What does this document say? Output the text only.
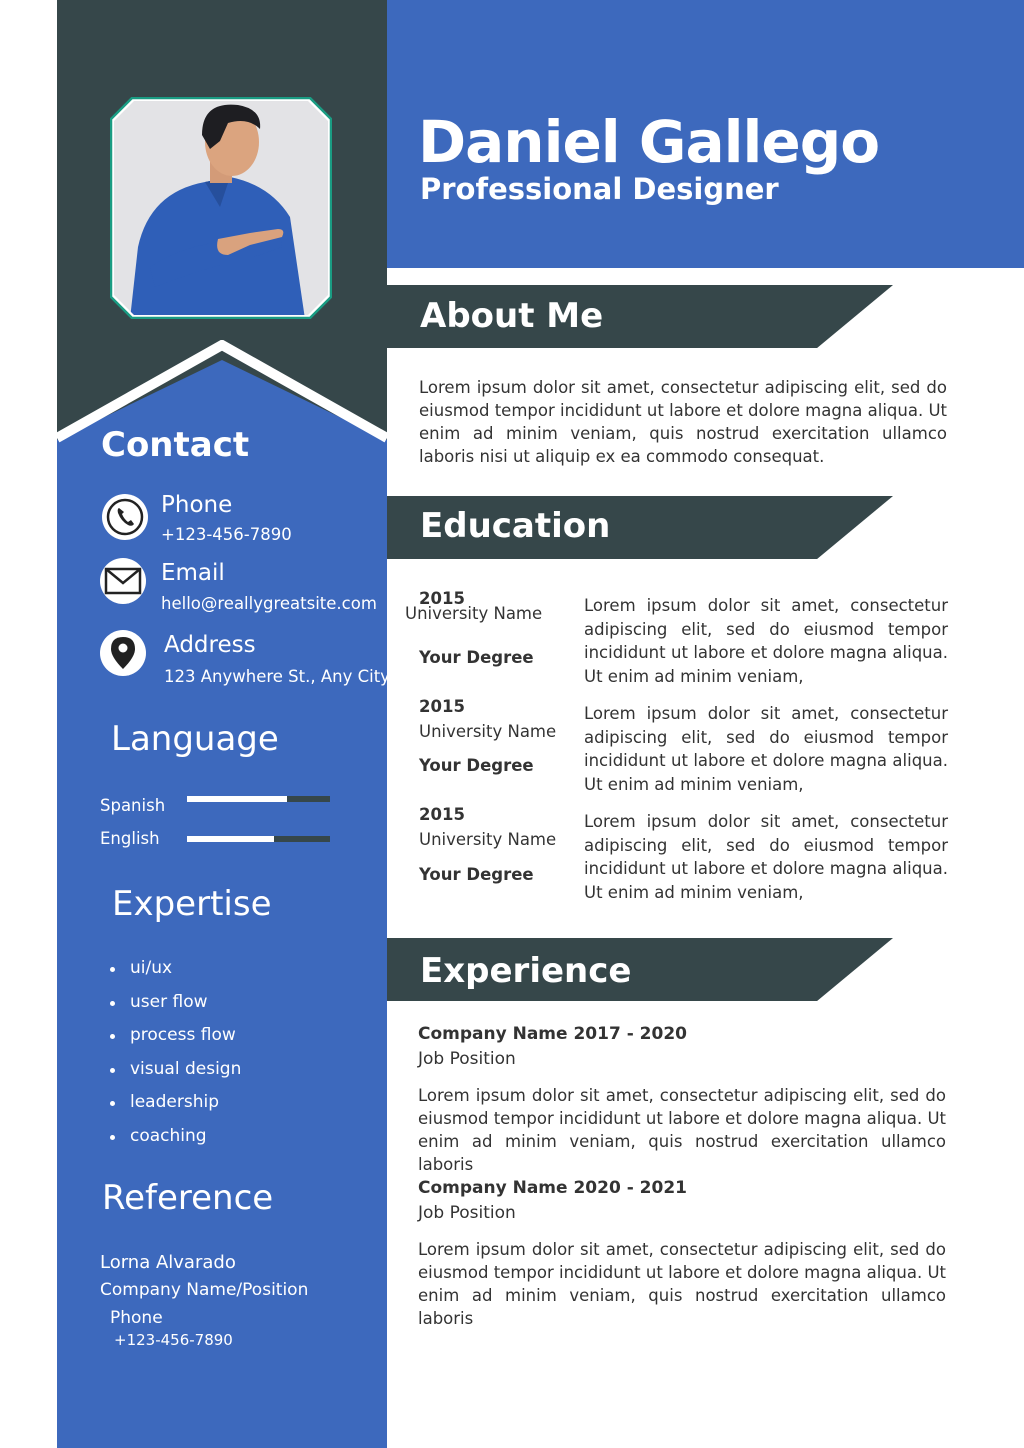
Daniel Gallego
Professional Designer
Contact
Phone
+123-456-7890
Email
hello@reallygreatsite.com
Address
123 Anywhere St., Any City
Language
Spanish
English
Expertise
ui/ux
user flow
process flow
visual design
leadership
coaching
Reference
Lorna Alvarado
Company Name/Position
Phone
+123-456-7890
About Me
Lorem ipsum dolor sit amet, consectetur adipiscing elit, sed do eiusmod tempor incididunt ut labore et dolore magna aliqua. Ut enim ad minim veniam, quis nostrud exercitation ullamco laboris nisi ut aliquip ex ea commodo consequat.
Education
2015
University Name
Your Degree
Lorem ipsum dolor sit amet, consectetur adipiscing elit, sed do eiusmod tempor incididunt ut labore et dolore magna aliqua. Ut enim ad minim veniam,
2015
University Name
Your Degree
Lorem ipsum dolor sit amet, consectetur adipiscing elit, sed do eiusmod tempor incididunt ut labore et dolore magna aliqua. Ut enim ad minim veniam,
2015
University Name
Your Degree
Lorem ipsum dolor sit amet, consectetur adipiscing elit, sed do eiusmod tempor incididunt ut labore et dolore magna aliqua. Ut enim ad minim veniam,
Experience
Company Name 2017 - 2020
Job Position
Lorem ipsum dolor sit amet, consectetur adipiscing elit, sed do eiusmod tempor incididunt ut labore et dolore magna aliqua. Ut enim ad minim veniam, quis nostrud exercitation ullamco laboris
Company Name 2020 - 2021
Job Position
Lorem ipsum dolor sit amet, consectetur adipiscing elit, sed do eiusmod tempor incididunt ut labore et dolore magna aliqua. Ut enim ad minim veniam, quis nostrud exercitation ullamco laboris
